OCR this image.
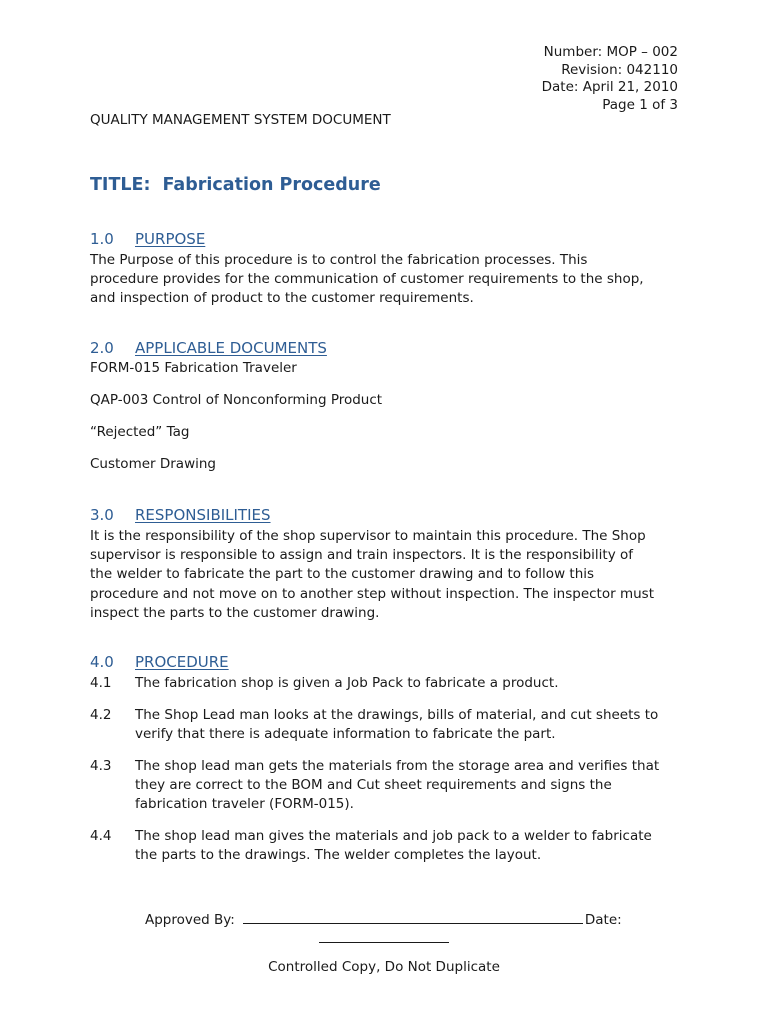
Number: MOP – 002
Revision: 042110
Date: April 21, 2010
Page 1 of 3
QUALITY MANAGEMENT SYSTEM DOCUMENT
TITLE: Fabrication Procedure
1.0 PURPOSE
The Purpose of this procedure is to control the fabrication processes. This
procedure provides for the communication of customer requirements to the shop,
and inspection of product to the customer requirements.
2.0 APPLICABLE DOCUMENTS
FORM-015 Fabrication Traveler
QAP-003 Control of Nonconforming Product
“Rejected” Tag
Customer Drawing
3.0 RESPONSIBILITIES
It is the responsibility of the shop supervisor to maintain this procedure. The Shop
supervisor is responsible to assign and train inspectors. It is the responsibility of
the welder to fabricate the part to the customer drawing and to follow this
procedure and not move on to another step without inspection. The inspector must
inspect the parts to the customer drawing.
4.0 PROCEDURE
4.1 The fabrication shop is given a Job Pack to fabricate a product.
4.2 The Shop Lead man looks at the drawings, bills of material, and cut sheets to
verify that there is adequate information to fabricate the part.
4.3 The shop lead man gets the materials from the storage area and verifies that
they are correct to the BOM and Cut sheet requirements and signs the
fabrication traveler (FORM-015).
4.4 The shop lead man gives the materials and job pack to a welder to fabricate
the parts to the drawings. The welder completes the layout.
Approved By:	Date:
Controlled Copy, Do Not Duplicate
